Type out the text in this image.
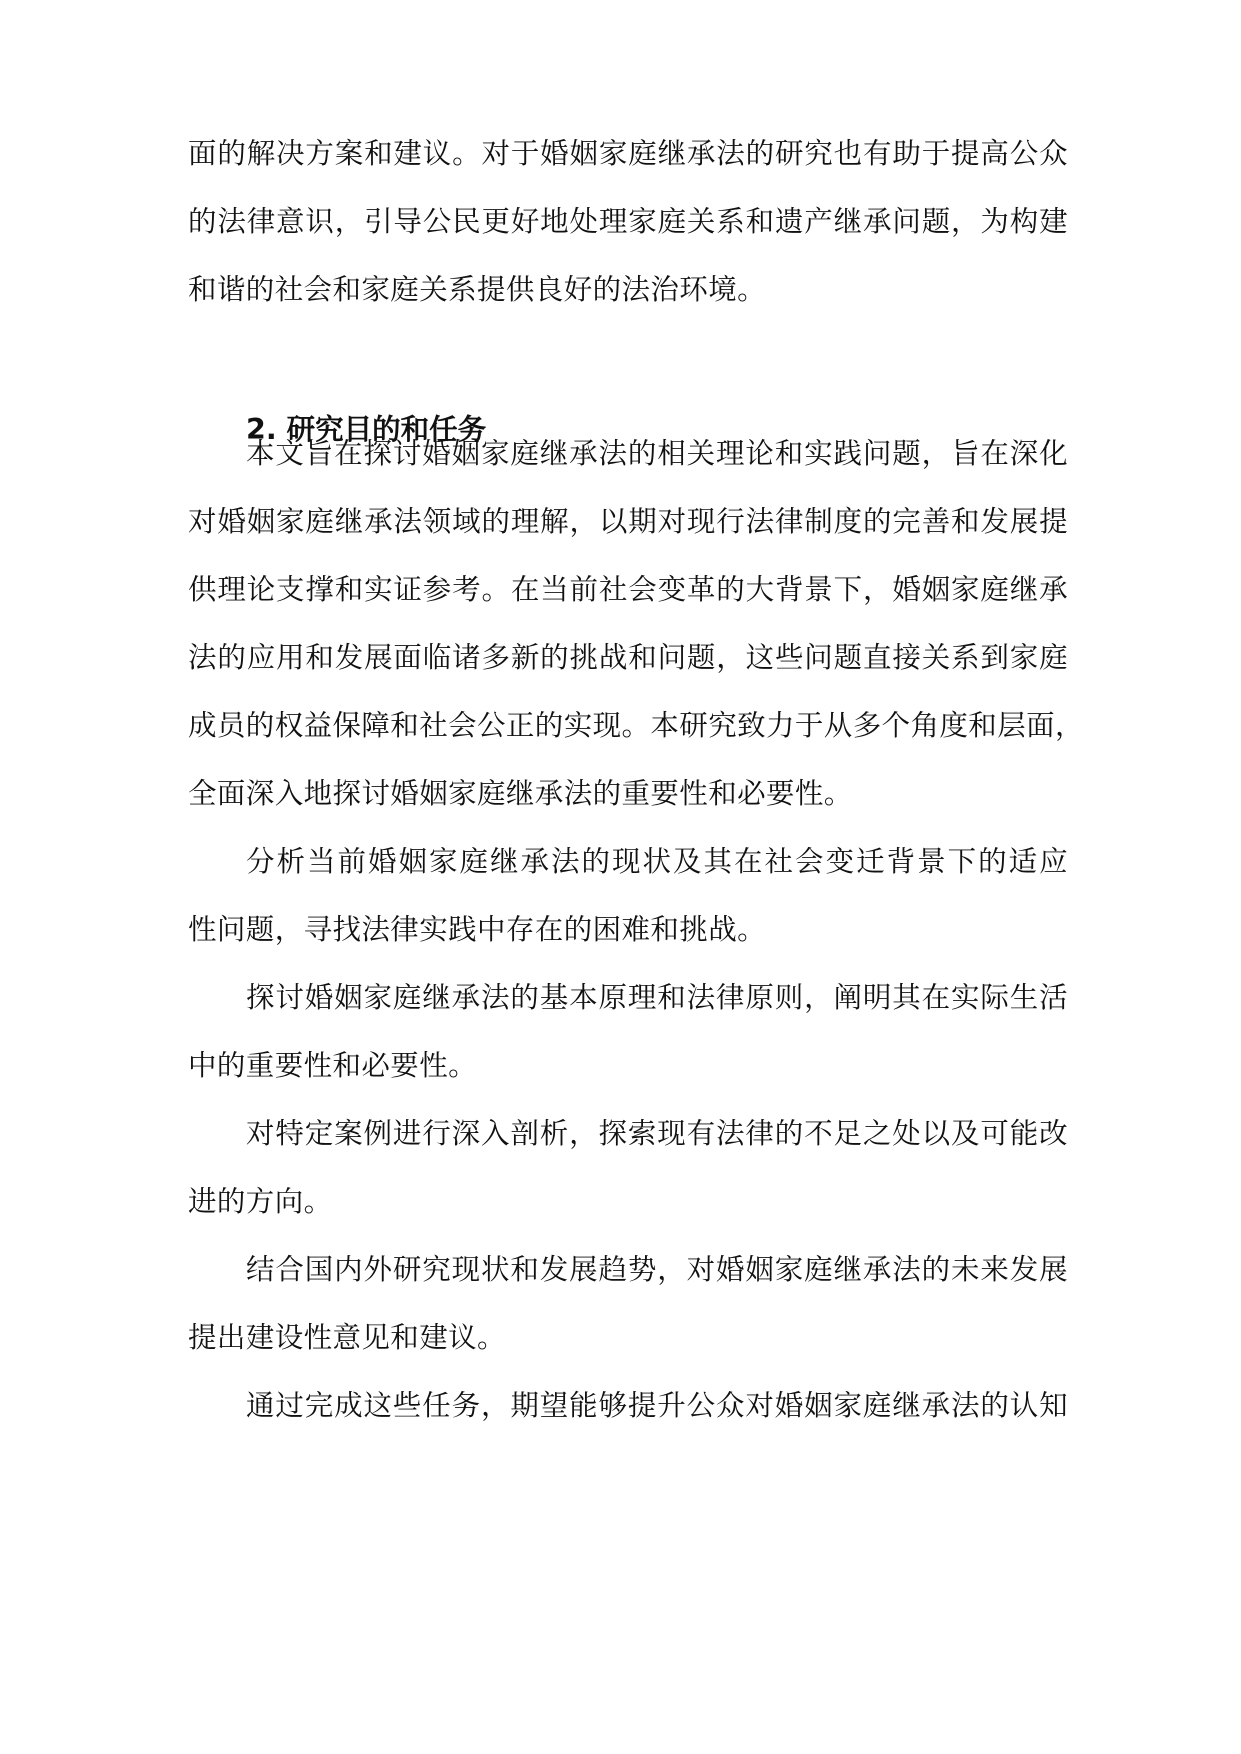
面的解决方案和建议。对于婚姻家庭继承法的研究也有助于提高公众
的法律意识，引导公民更好地处理家庭关系和遗产继承问题，为构建
和谐的社会和家庭关系提供良好的法治环境。
2. 研究目的和任务
本文旨在探讨婚姻家庭继承法的相关理论和实践问题，旨在深化
对婚姻家庭继承法领域的理解，以期对现行法律制度的完善和发展提
供理论支撑和实证参考。在当前社会变革的大背景下，婚姻家庭继承
法的应用和发展面临诸多新的挑战和问题，这些问题直接关系到家庭
成员的权益保障和社会公正的实现。本研究致力于从多个角度和层面，
全面深入地探讨婚姻家庭继承法的重要性和必要性。
分析当前婚姻家庭继承法的现状及其在社会变迁背景下的适应
性问题，寻找法律实践中存在的困难和挑战。
探讨婚姻家庭继承法的基本原理和法律原则，阐明其在实际生活
中的重要性和必要性。
对特定案例进行深入剖析，探索现有法律的不足之处以及可能改
进的方向。
结合国内外研究现状和发展趋势，对婚姻家庭继承法的未来发展
提出建设性意见和建议。
通过完成这些任务，期望能够提升公众对婚姻家庭继承法的认知
